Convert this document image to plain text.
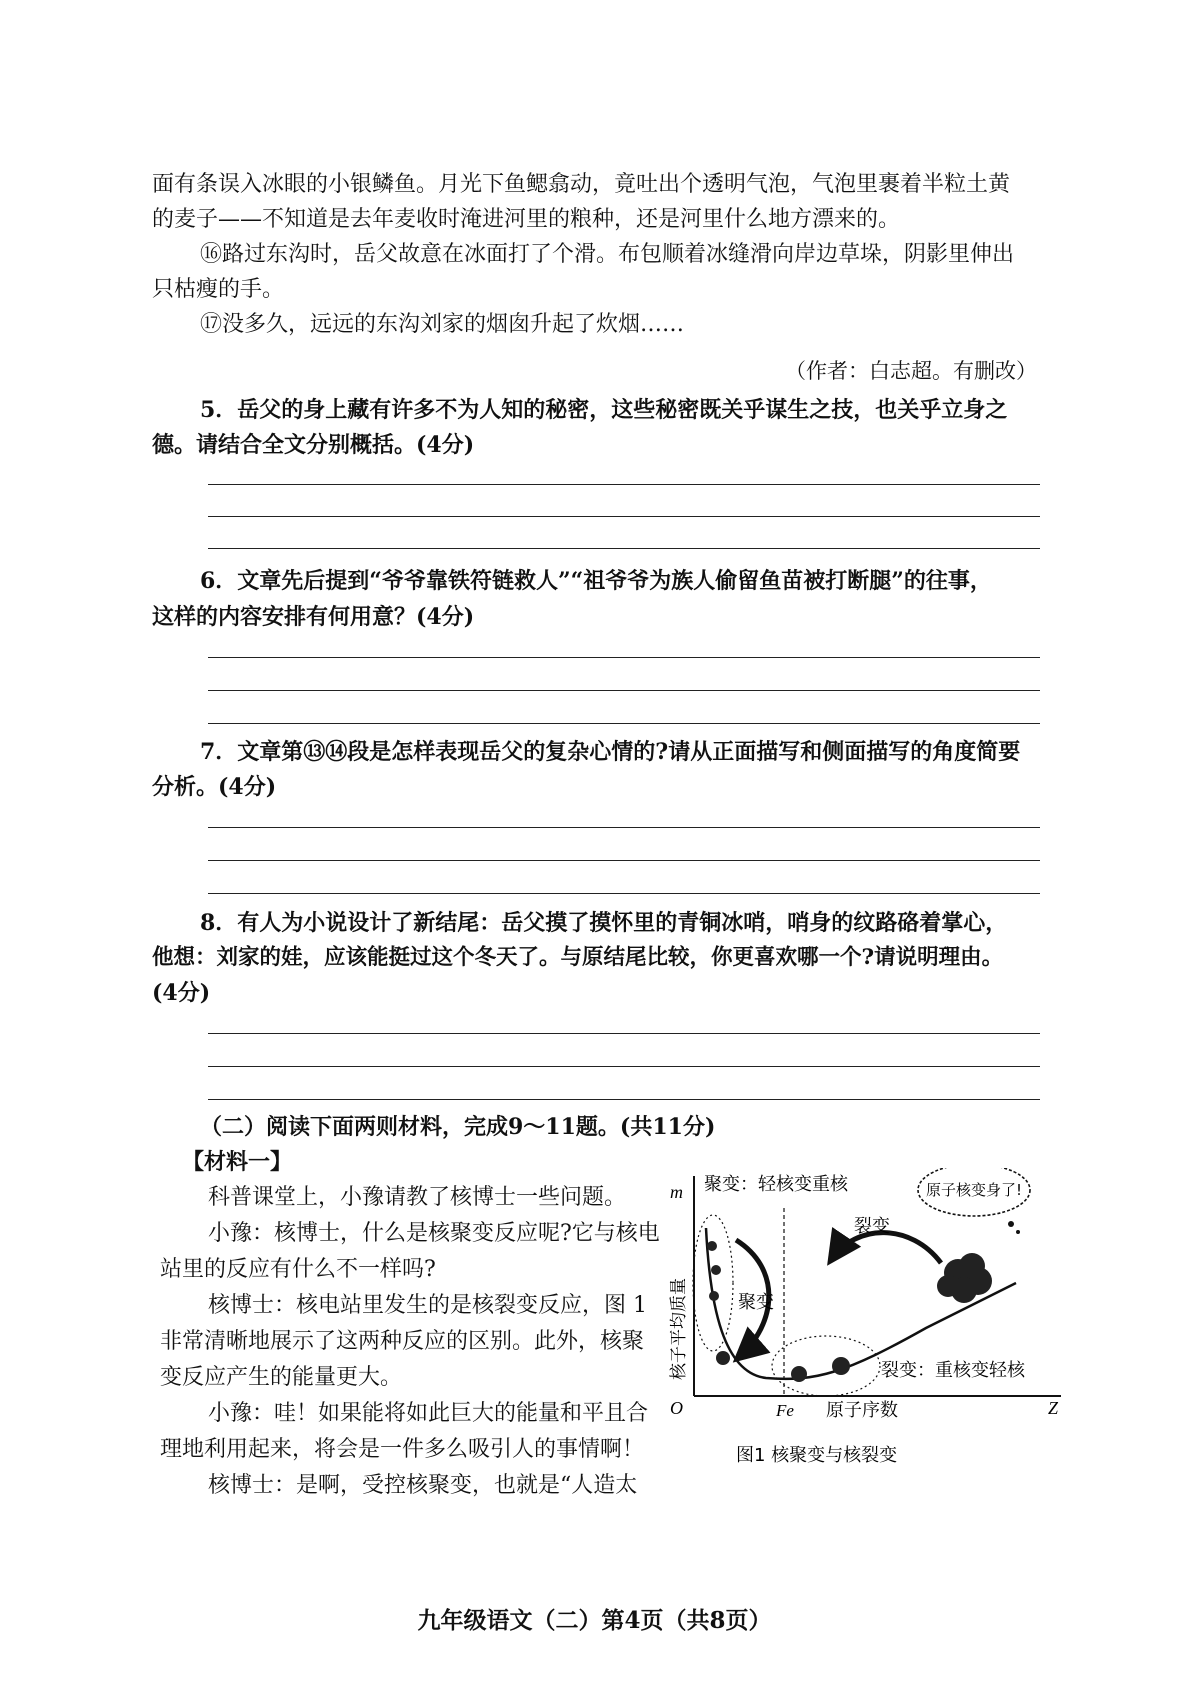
面有条误入冰眼的小银鳞鱼。月光下鱼鳃翕动，竟吐出个透明气泡，气泡里裹着半粒土黄
的麦子——不知道是去年麦收时淹进河里的粮种，还是河里什么地方漂来的。
⑯路过东沟时，岳父故意在冰面打了个滑。布包顺着冰缝滑向岸边草垛，阴影里伸出
只枯瘦的手。
⑰没多久，远远的东沟刘家的烟囱升起了炊烟……
（作者：白志超。有删改）
5．岳父的身上藏有许多不为人知的秘密，这些秘密既关乎谋生之技，也关乎立身之
德。请结合全文分别概括。(4分)
6．文章先后提到“爷爷靠铁符链救人”“祖爷爷为族人偷留鱼苗被打断腿”的往事，
这样的内容安排有何用意？(4分)
7．文章第⑬⑭段是怎样表现岳父的复杂心情的?请从正面描写和侧面描写的角度简要
分析。(4分)
8．有人为小说设计了新结尾：岳父摸了摸怀里的青铜冰哨，哨身的纹路硌着掌心，
他想：刘家的娃，应该能挺过这个冬天了。与原结尾比较，你更喜欢哪一个?请说明理由。
(4分)
（二）阅读下面两则材料，完成9～11题。(共11分)
【材料一】
科普课堂上，小豫请教了核博士一些问题。
小豫：核博士，什么是核聚变反应呢?它与核电
站里的反应有什么不一样吗?
核博士：核电站里发生的是核裂变反应，图 1
非常清晰地展示了这两种反应的区别。此外，核聚
变反应产生的能量更大。
小豫：哇！如果能将如此巨大的能量和平且合
理地利用起来，将会是一件多么吸引人的事情啊！
核博士：是啊，受控核聚变，也就是“人造太
m
O	Z
Fe 原子序数
核子平均质量	聚变
聚变：轻核变重核
裂变
裂变：重核变轻核
原子核变身了!
图1 核聚变与核裂变
九年级语文（二）第4页（共8页）
